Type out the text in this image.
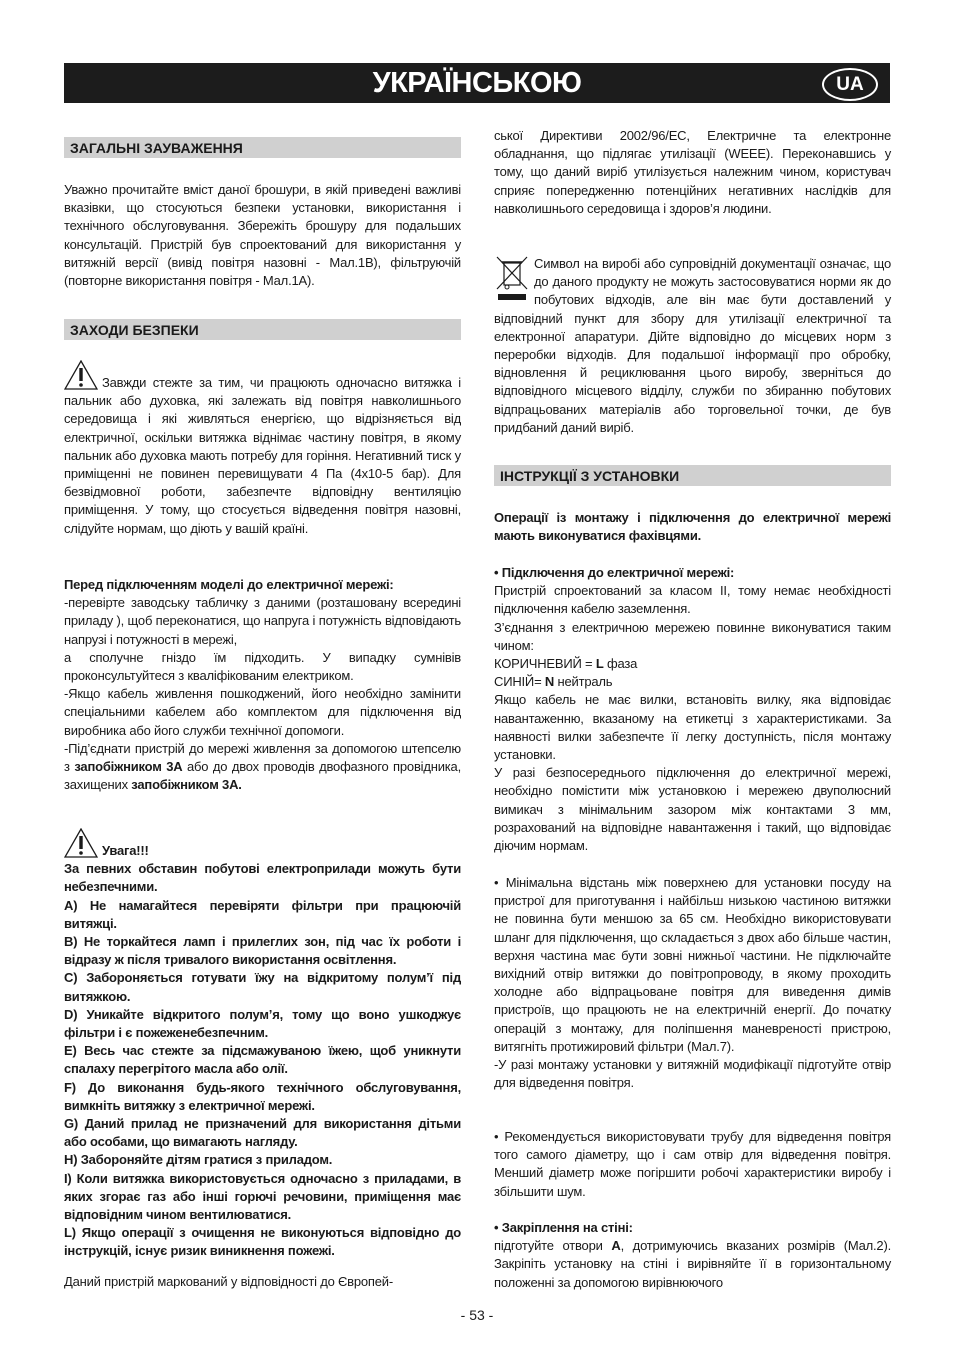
УКРАЇНСЬКОЮ	UA
ЗАГАЛЬНІ ЗАУВАЖЕННЯ

Уважно прочитайте вміст даної брошури, в якій приведені важливі вказівки, що стосуються безпеки установки, використання і технічного обслуговування. Збережіть брошуру для подальших консультацій. Пристрій був спроектований для використання у витяжній версії (вивід повітря назовні - Мал.1B), фільтруючій (повторне використання повітря - Мал.1A).

ЗАХОДИ БЕЗПЕКИ

Завжди стежте за тим, чи працюють одночасно витяжка і пальник або духовка, які залежать від повітря навколишнього середовища і які живляться енергією, що відрізняється від електричної, оскільки витяжка віднімає частину повітря, в якому пальник або духовка мають потребу для горіння. Негативний тиск у приміщенні не повинен перевищувати 4 Па (4x10-5 бар). Для безвідмовної роботи, забезпечте відповідну вентиляцію приміщення. У тому, що стосується відведення повітря назовні, слідуйте нормам, що діють у вашій країні.

Перед підключенням моделі до електричної мережі:

-перевірте заводську табличку з даними (розташовану всередині приладу ), щоб переконатися, що напруга і потужність відповідають напрузі і потужності в мережі,

а сполучне гніздо їм підходить. У випадку сумнівів проконсультуйтеся з кваліфікованим електриком.

-Якщо кабель живлення пошкоджений, його необхідно замінити спеціальними кабелем або комплектом для підключення від виробника або його служби технічної допомоги.

-Під’єднати пристрій до мережі живлення за допомогою штепселю з запобіжником 3A або до двох проводів двофазного провідника, захищених запобіжником 3A.

Увага!!!

За певних обставин побутові електроприлади можуть бути небезпечними.

A) Не намагайтеся перевіряти фільтри при працюючій витяжці.

B) Не торкайтеся ламп і прилеглих зон, під час їх роботи і відразу ж після тривалого використання освітлення.

C) Забороняється готувати їжу на відкритому полум’ї під витяжкою.

D) Уникайте відкритого полум’я, тому що воно ушкоджує фільтри і є пожеженебезпечним.

E) Весь час стежте за підсмажуваною їжею, щоб уникнути спалаху перегрітого масла або олії.

F) До виконання будь-якого технічного обслуговування, вимкніть витяжку з електричної мережі.

G) Даний прилад не призначений для використання дітьми або особами, що вимагають нагляду.

H) Забороняйте дітям гратися з приладом.

I) Коли витяжка використовується одночасно з приладами, в яких згорає газ або інші горючі речовини, приміщення має відповідним чином вентилюватися.

L) Якщо операції з очищення не виконуються відповідно до інструкцій, існує ризик виникнення пожежі.

Даний пристрій маркований у відповідності до Європей-

ської Директиви 2002/96/EC, Електричне та електронне обладнання, що підлягає утилізації (WEEE). Переконавшись у тому, що даний виріб утилізується належним чином, користувач сприяє попередженню потенційних негативних наслідків для навколишнього середовища і здоров’я людини.

Символ на виробі або супровідній документації означає, що до даного продукту не можуть застосовуватися норми як до побутових відходів, але він має бути доставлений у відповідний пункт для збору для утилізації електричної та електронної апаратури. Дійте відповідно до місцевих норм з переробки відходів. Для подальшої інформації про обробку, відновлення й рециклювання цього виробу, зверніться до відповідного місцевого відділу, служби по збиранню побутових відпрацьованих матеріалів або торговельної точки, де був придбаний даний виріб.

ІНСТРУКЦІЇ З УСТАНОВКИ

Операції із монтажу і підключення до електричної мережі мають виконуватися фахівцями.

• Підключення до електричної мережі:

Пристрій спроектований за класом II, тому немає необхідності підключення кабелю заземлення.

З’єднання з електричною мережею повинне виконуватися таким чином:

КОРИЧНЕВИЙ = L фаза

СИНІЙ= N нейтраль

Якщо кабель не має вилки, встановіть вилку, яка відповідає навантаженню, вказаному на етикетці з характеристиками. За наявності вилки забезпечте її легку доступність, після монтажу установки.

У разі безпосереднього підключення до електричної мережі, необхідно помістити між установкою і мережею двуполюсний вимикач з мінімальним зазором між контактами 3 мм, розрахований на відповідне навантаження і такий, що відповідає діючим нормам.

• Мінімальна відстань між поверхнею для установки посуду на пристрої для приготування і найбільш низькою частиною витяжки не повинна бути меншою за 65 см. Необхідно використовувати шланг для підключення, що складається з двох або більше частин, верхня частина має бути зовні нижньої частини. Не підключайте вихідний отвір витяжки до повітропроводу, в якому проходить холодне або відпрацьоване повітря для виведення димів пристроїв, що працюють не на електричній енергії. До початку операцій з монтажу, для поліпшення маневреності пристрою, витягніть протижировий фільтри (Мал.7).

-У разі монтажу установки у витяжній модифікації підготуйте отвір для відведення повітря.

• Рекомендується використовувати трубу для відведення повітря того самого діаметру, що і сам отвір для відведення повітря. Менший діаметр може погіршити робочі характеристики виробу і збільшити шум.

• Закріплення на стіні:

підготуйте отвори A, дотримуючись вказаних розмірів (Мал.2). Закріпіть установку на стіні і вирівняйте її в горизонтальному положенні за допомогою вирівнюючого

- 53 -
